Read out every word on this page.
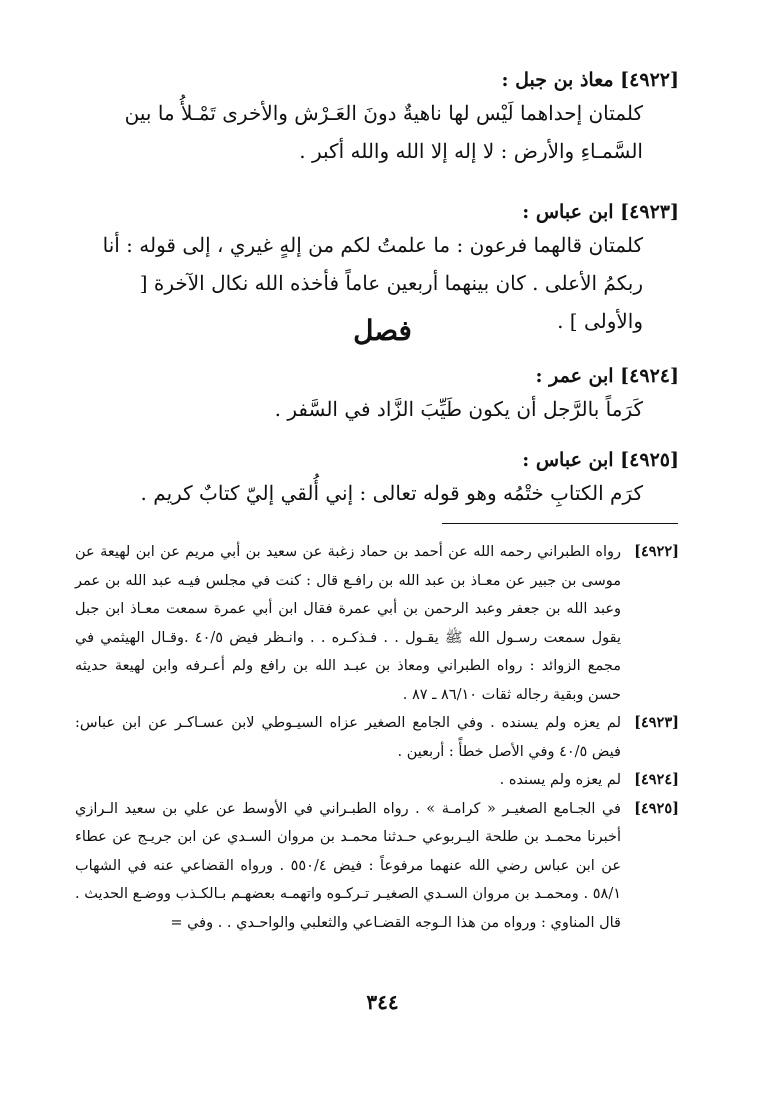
[٤٩٢٢] معاذ بن جبل :
كلمتان إحداهما لَيْس لها ناهيةٌ دونَ العَـرْش والأخرى تَمْـلأُ ما بين السَّمـاءِ والأرض : لا إله إلا الله والله أكبر .
[٤٩٢٣] ابن عباس :
كلمتان قالهما فرعون : ما علمتُ لكم من إلهٍ غيري ، إلى قوله : أنا ربكمُ الأعلى . كان بينهما أربعين عاماً فأخذه الله نكال الآخرة [ والأولى ] .
فصل
[٤٩٢٤] ابن عمر :
كَرَماً بالرَّجل أن يكون طَيِّبَ الزَّاد في السَّفر .
[٤٩٢٥] ابن عباس :
كرَم الكتابِ ختْمُه وهو قوله تعالى : إني أُلقي إليّ كتابٌ كريم .
[٤٩٢٢]
رواه الطبراني رحمه الله عن أحمد بن حماد زغبة عن سعيد بن أبي مريم عن ابن لهيعة عن موسى بن جبير عن معـاذ بن عبد الله بن رافـع قال : كنت في مجلس فيـه عبد الله بن عمر وعبد الله بن جعفر وعبد الرحمن بن أبي عمرة فقال ابن أبي عمرة سمعت معـاذ ابن جبل يقول سمعت رسـول الله ﷺ يقـول . . فـذكـره . . وانـظر فيض ٤٠/٥ .وقـال الهيثمي في مجمع الزوائد : رواه الطبراني ومعاذ بن عبـد الله بن رافع ولم أعـرفه وابن لهيعة حديثه حسن وبقية رجاله ثقات ٨٦/١٠ ـ ٨٧ .
[٤٩٢٣]
لم يعزه ولم يسنده . وفي الجامع الصغير عزاه السيـوطي لابن عسـاكـر عن ابن عباس: فيض ٤٠/٥ وفي الأصل خطأً : أربعين .
[٤٩٢٤]
لم يعزه ولم يسنده .
[٤٩٢٥]
في الجـامع الصغيـر « كرامـة » . رواه الطبـراني في الأوسط عن علي بن سعيد الـرازي أخبرنا محمـد بن طلحة اليـربوعي حـدثنا محمـد بن مروان السـدي عن ابن جريـج عن عطاء عن ابن عباس رضي الله عنهما مرفوعاً : فيض ٥٥٠/٤ . ورواه القضاعي عنه في الشهاب ٥٨/١ . ومحمـد بن مروان السـدي الصغيـر تـركـوه واتهمـه بعضهـم بـالكـذب ووضـع الحديث . قال المناوي : ورواه من هذا الـوجه القضـاعي والثعلبي والواحـدي . . وفي =
٣٤٤
